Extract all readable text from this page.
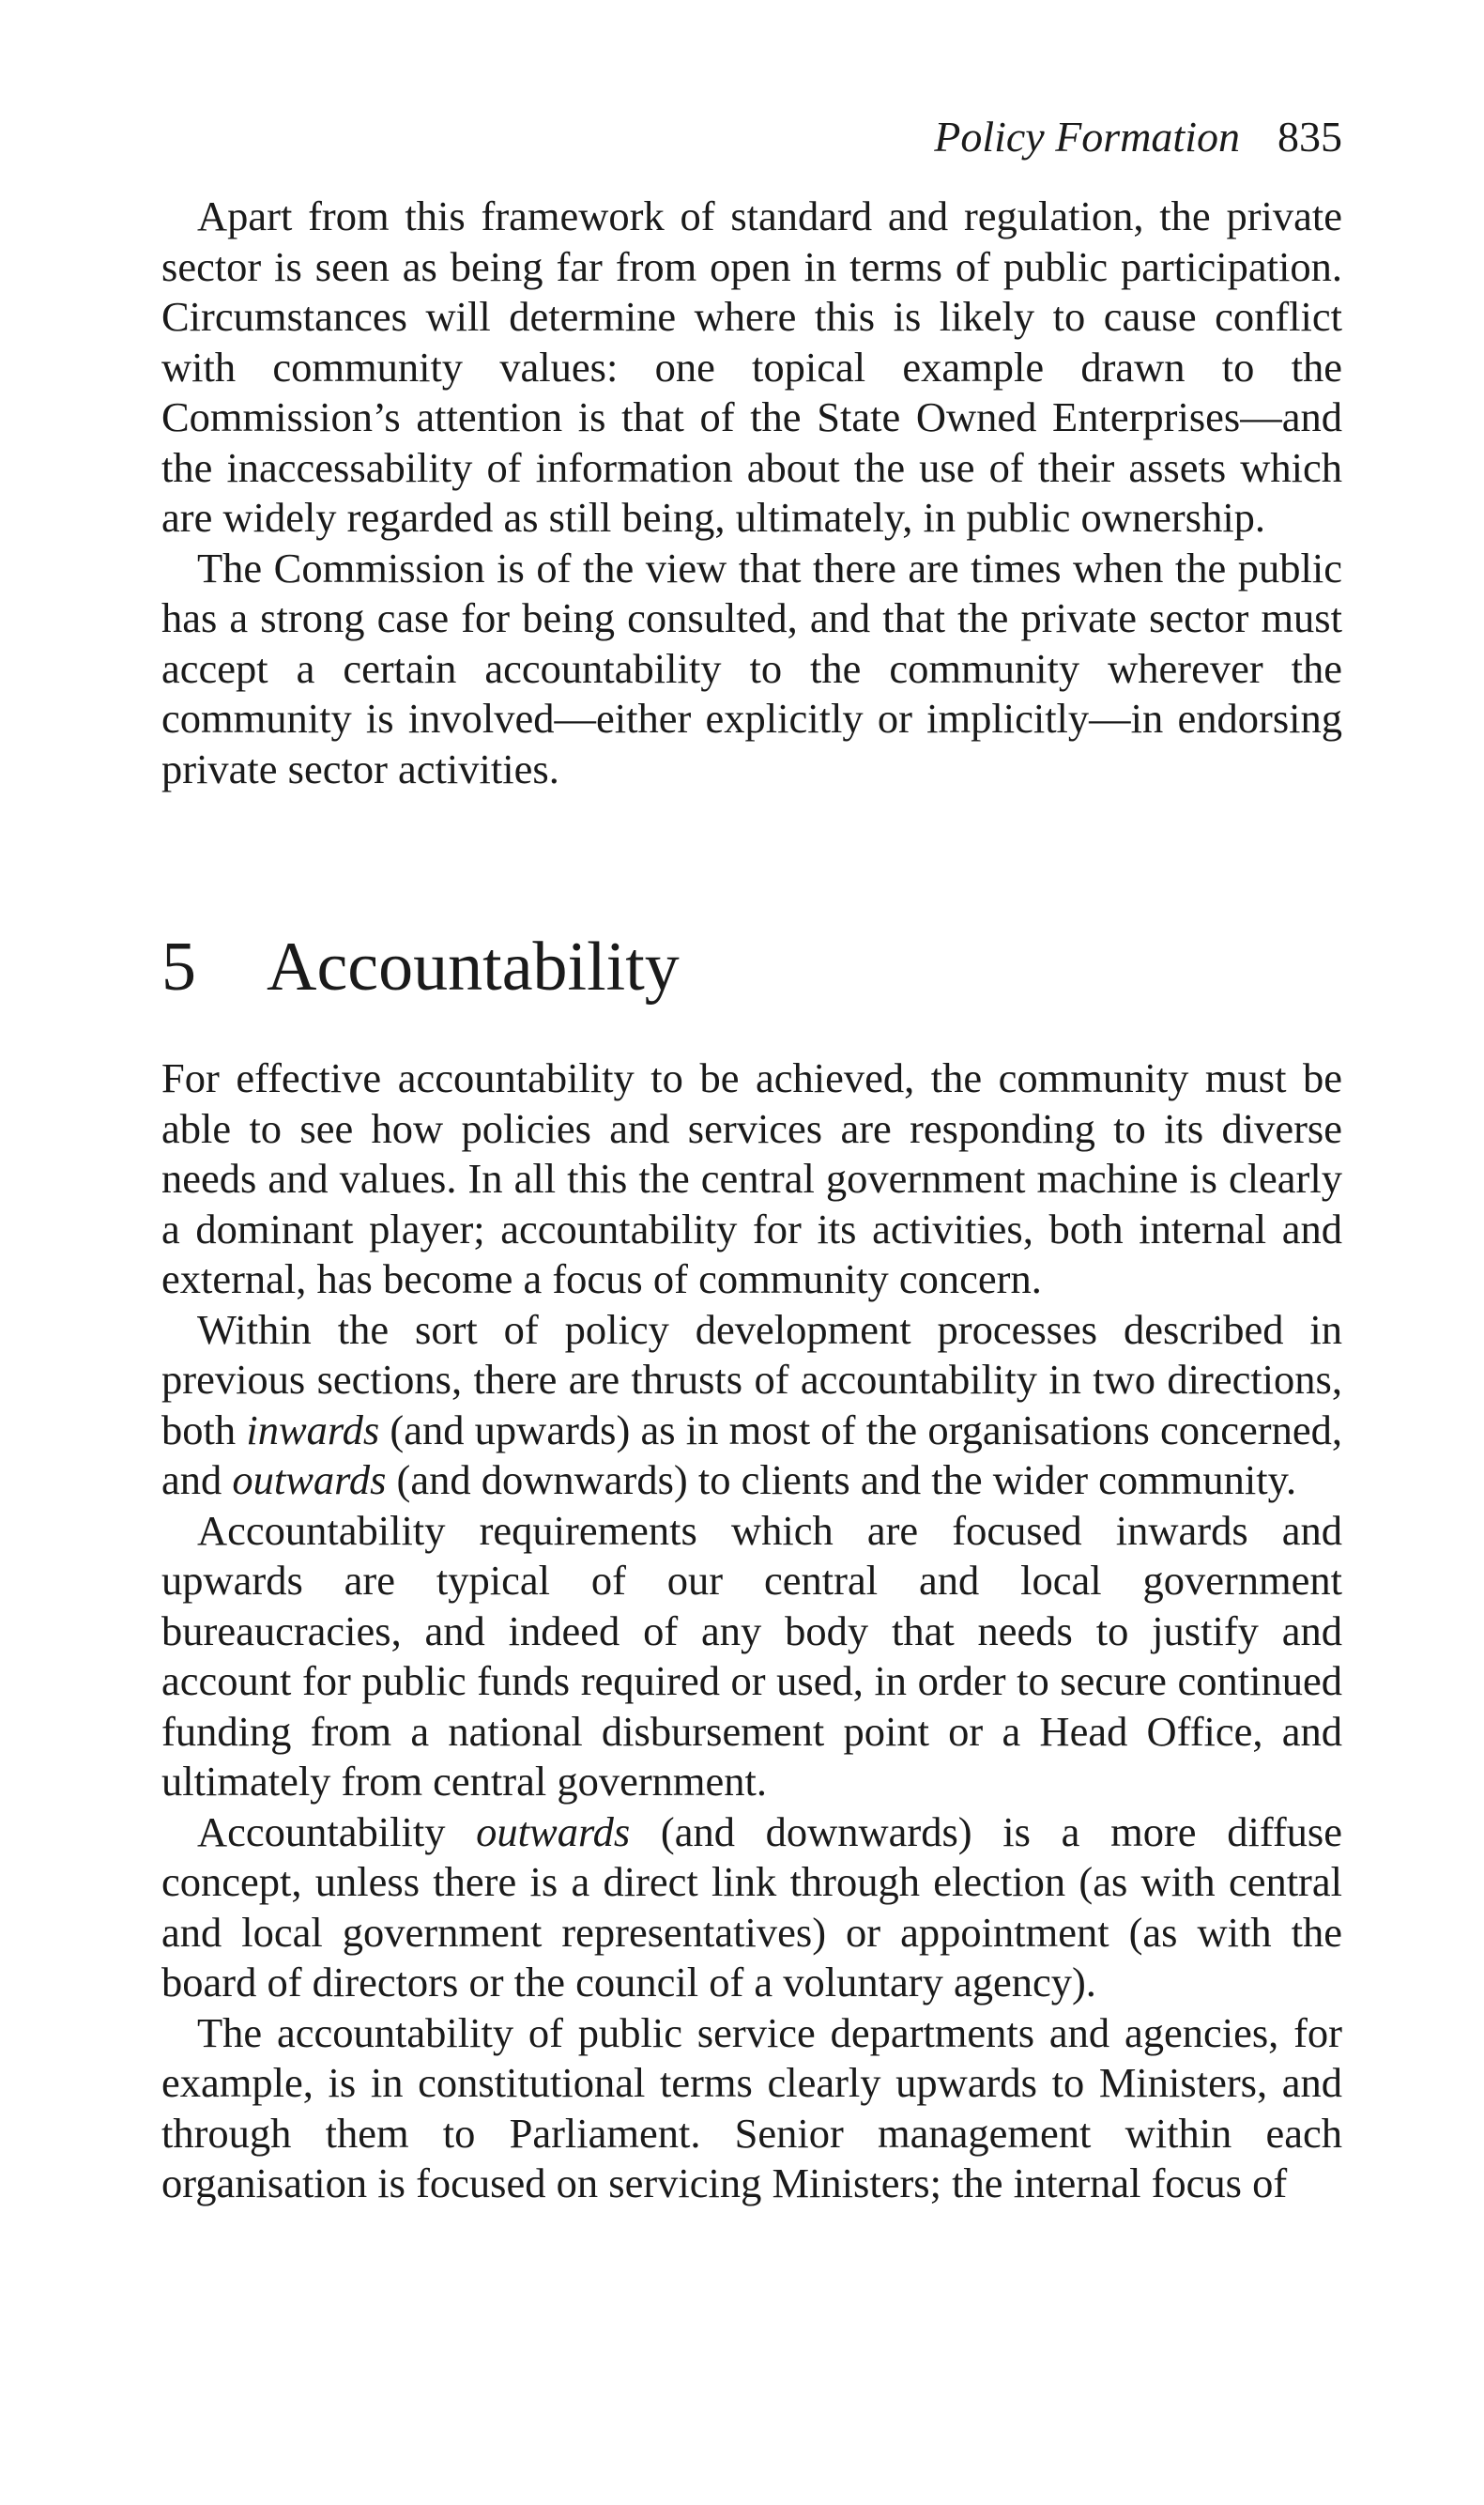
Policy Formation 835

Apart from this framework of standard and regulation, the private sector is seen as being far from open in terms of public participation. Circumstances will determine where this is likely to cause conflict with community values: one topical example drawn to the Commission’s attention is that of the State Owned Enterprises—and the inaccessability of information about the use of their assets which are widely regarded as still being, ultimately, in public ownership.

The Commission is of the view that there are times when the public has a strong case for being consulted, and that the private sector must accept a certain accountability to the community wherever the community is involved—either explicitly or implicitly—in endorsing private sector activities.

5 Accountability

For effective accountability to be achieved, the community must be able to see how policies and services are responding to its diverse needs and values. In all this the central government machine is clearly a dominant player; accountability for its activities, both internal and external, has become a focus of community concern.

Within the sort of policy development processes described in previous sections, there are thrusts of accountability in two directions, both inwards (and upwards) as in most of the organisations concerned, and outwards (and downwards) to clients and the wider community.

Accountability requirements which are focused inwards and upwards are typical of our central and local government bureaucracies, and indeed of any body that needs to justify and account for public funds required or used, in order to secure continued funding from a national disbursement point or a Head Office, and ultimately from central government.

Accountability outwards (and downwards) is a more diffuse concept, unless there is a direct link through election (as with central and local government representatives) or appointment (as with the board of directors or the council of a voluntary agency).

The accountability of public service departments and agencies, for example, is in constitutional terms clearly upwards to Ministers, and through them to Parliament. Senior management within each organisation is focused on servicing Ministers; the internal focus of
